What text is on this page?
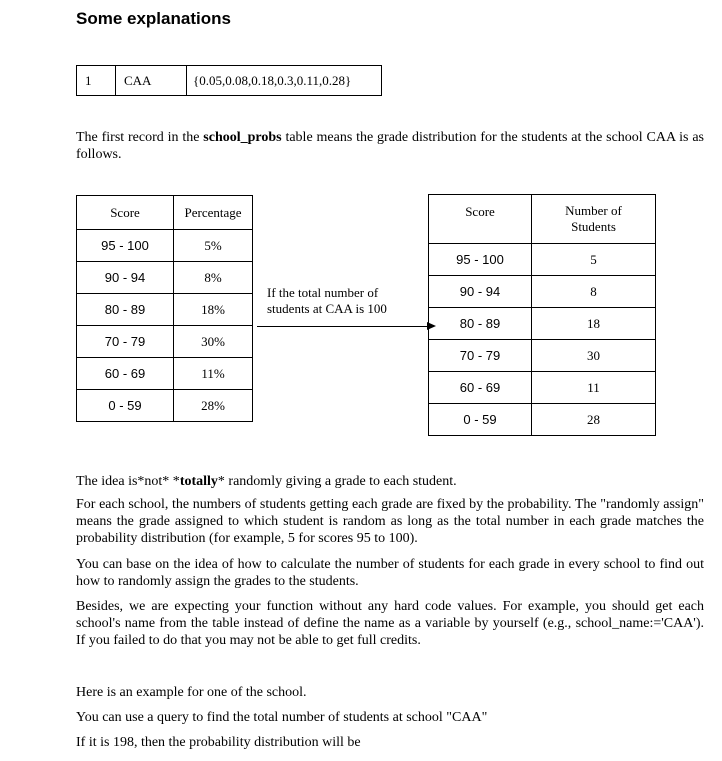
Some explanations
1	CAA	{0.05,0.08,0.18,0.3,0.11,0.28}

The first record in the school_probs table means the grade distribution for the students at the school CAA is as follows.

Score	Percentage
95 - 100	5%
90 - 94	8%
80 - 89	18%
70 - 79	30%
60 - 69	11%
0 - 59	28%
If the total number of students at CAA is 100
Score	Number of Students
95 - 100	5
90 - 94	8
80 - 89	18
70 - 79	30
60 - 69	11
0 - 59	28

The idea is*not* *totally* randomly giving a grade to each student.

For each school, the numbers of students getting each grade are fixed by the probability. The "randomly assign" means the grade assigned to which student is random as long as the total number in each grade matches the probability distribution (for example, 5 for scores 95 to 100).

You can base on the idea of how to calculate the number of students for each grade in every school to find out how to randomly assign the grades to the students.

Besides, we are expecting your function without any hard code values. For example, you should get each school's name from the table instead of define the name as a variable by yourself (e.g., school_name:='CAA'). If you failed to do that you may not be able to get full credits.

Here is an example for one of the school.

You can use a query to find the total number of students at school "CAA"

If it is 198, then the probability distribution will be
